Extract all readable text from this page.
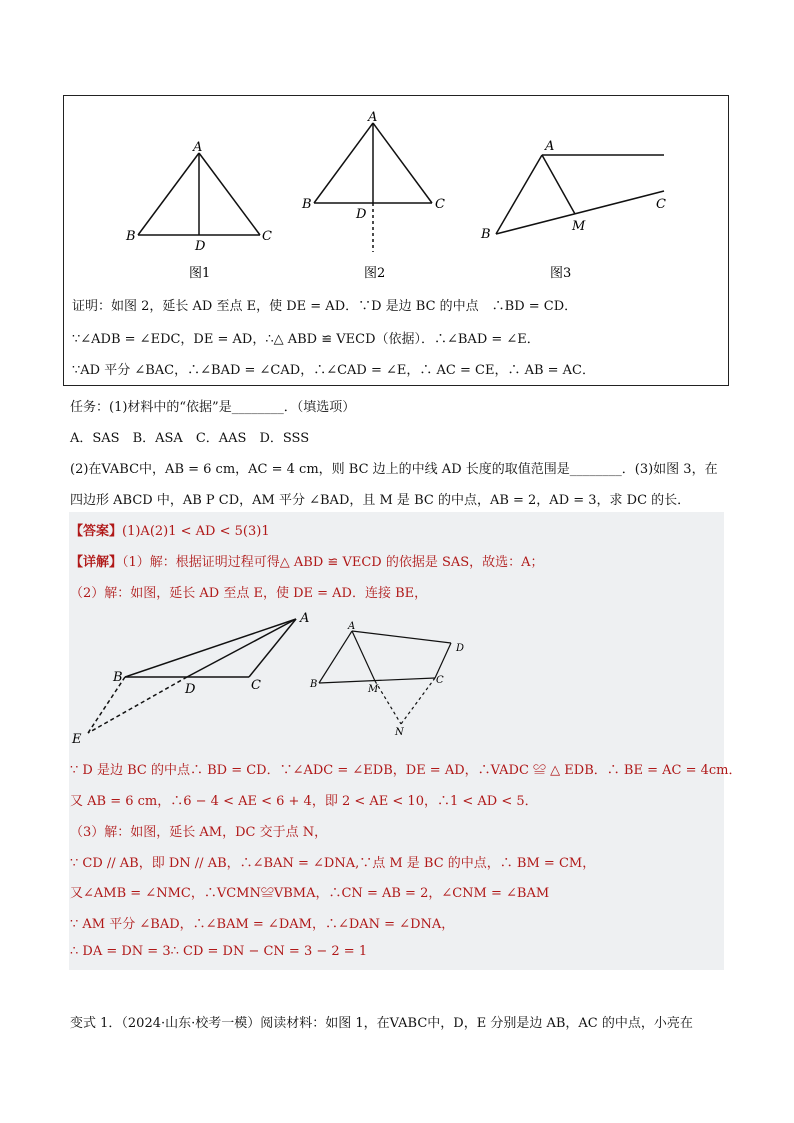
A
B	C
D
图1
A
B	C
D
图2
A
B
C
M
图3
证明：如图 2，延长 AD 至点 E，使 DE = AD．∵D 是边 BC 的中点　∴BD = CD．
∵∠ADB = ∠EDC，DE = AD，∴△ ABD ≌ VECD（依据）．∴∠BAD = ∠E．
∵AD 平分 ∠BAC，∴∠BAD = ∠CAD，∴∠CAD = ∠E，∴ AC = CE，∴ AB = AC．
任务：(1)材料中的“依据”是________．（填选项）
A．SAS　B．ASA　C．AAS　D．SSS
(2)在VABC中，AB = 6 cm，AC = 4 cm，则 BC 边上的中线 AD 长度的取值范围是________．(3)如图 3，在
四边形 ABCD 中，AB P CD，AM 平分 ∠BAD，且 M 是 BC 的中点，AB = 2，AD = 3，求 DC 的长．
【答案】(1)A(2)1 < AD < 5(3)1
【详解】（1）解：根据证明过程可得△ ABD ≌ VECD 的依据是 SAS，故选：A；
（2）解：如图，延长 AD 至点 E，使 DE = AD．连接 BE，
A
B
C
D
E
A
B	C
D
M
N
∵ D 是边 BC 的中点∴ BD = CD．∵∠ADC = ∠EDB，DE = AD，∴VADC ≌ △ EDB．∴ BE = AC = 4cm．
又 AB = 6 cm，∴6 − 4 < AE < 6 + 4，即 2 < AE < 10，∴1 < AD < 5．
（3）解：如图，延长 AM，DC 交于点 N，
∵ CD // AB，即 DN // AB，∴∠BAN = ∠DNA,∵点 M 是 BC 的中点，∴ BM = CM，
又∠AMB = ∠NMC，∴VCMN≌VBMA，∴CN = AB = 2，∠CNM = ∠BAM
∵ AM 平分 ∠BAD，∴∠BAM = ∠DAM，∴∠DAN = ∠DNA，
∴ DA = DN = 3∴ CD = DN − CN = 3 − 2 = 1
变式 1．（2024·山东·校考一模）阅读材料：如图 1，在VABC中，D，E 分别是边 AB，AC 的中点，小亮在
